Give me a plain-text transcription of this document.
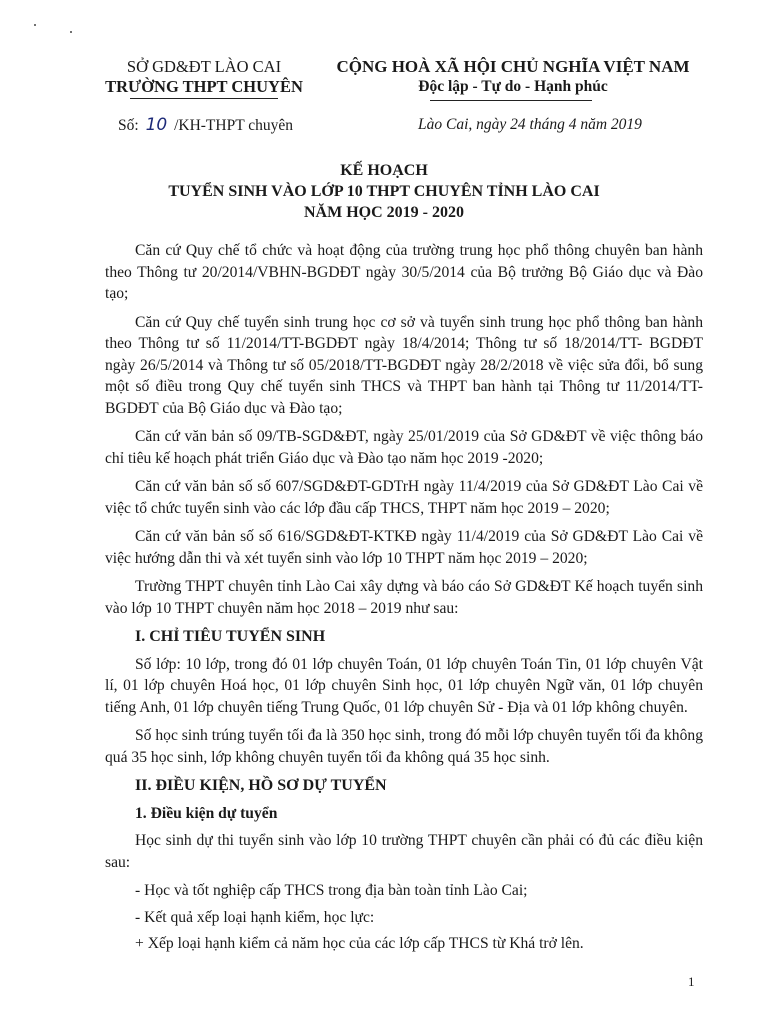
SỞ GD&ĐT LÀO CAI
TRƯỜNG THPT CHUYÊN
CỘNG HOÀ XÃ HỘI CHỦ NGHĨA VIỆT NAM
Độc lập - Tự do - Hạnh phúc
Số: 10 /KH-THPT chuyên	Lào Cai, ngày 24 tháng 4 năm 2019
KẾ HOẠCH
TUYỂN SINH VÀO LỚP 10 THPT CHUYÊN TỈNH LÀO CAI
NĂM HỌC 2019 - 2020

Căn cứ Quy chế tổ chức và hoạt động của trường trung học phổ thông chuyên ban hành theo Thông tư 20/2014/VBHN-BGDĐT ngày 30/5/2014 của Bộ trưởng Bộ Giáo dục và Đào tạo;

Căn cứ Quy chế tuyển sinh trung học cơ sở và tuyển sinh trung học phổ thông ban hành theo Thông tư số 11/2014/TT-BGDĐT ngày 18/4/2014; Thông tư số 18/2014/TT- BGDĐT ngày 26/5/2014 và Thông tư số 05/2018/TT-BGDĐT ngày 28/2/2018 về việc sửa đổi, bổ sung một số điều trong Quy chế tuyển sinh THCS và THPT ban hành tại Thông tư 11/2014/TT-BGDĐT của Bộ Giáo dục và Đào tạo;

Căn cứ văn bản số 09/TB-SGD&ĐT, ngày 25/01/2019 của Sở GD&ĐT về việc thông báo chỉ tiêu kế hoạch phát triển Giáo dục và Đào tạo năm học 2019 -2020;

Căn cứ văn bản số số 607/SGD&ĐT-GDTrH ngày 11/4/2019 của Sở GD&ĐT Lào Cai về việc tổ chức tuyển sinh vào các lớp đầu cấp THCS, THPT năm học 2019 – 2020;

Căn cứ văn bản số số 616/SGD&ĐT-KTKĐ ngày 11/4/2019 của Sở GD&ĐT Lào Cai về việc hướng dẫn thi và xét tuyển sinh vào lớp 10 THPT năm học 2019 – 2020;

Trường THPT chuyên tỉnh Lào Cai xây dựng và báo cáo Sở GD&ĐT Kế hoạch tuyển sinh vào lớp 10 THPT chuyên năm học 2018 – 2019 như sau:

I. CHỈ TIÊU TUYỂN SINH

Số lớp: 10 lớp, trong đó 01 lớp chuyên Toán, 01 lớp chuyên Toán Tin, 01 lớp chuyên Vật lí, 01 lớp chuyên Hoá học, 01 lớp chuyên Sinh học, 01 lớp chuyên Ngữ văn, 01 lớp chuyên tiếng Anh, 01 lớp chuyên tiếng Trung Quốc, 01 lớp chuyên Sử - Địa và 01 lớp không chuyên.

Số học sinh trúng tuyển tối đa là 350 học sinh, trong đó mỗi lớp chuyên tuyển tối đa không quá 35 học sinh, lớp không chuyên tuyển tối đa không quá 35 học sinh.

II. ĐIỀU KIỆN, HỒ SƠ DỰ TUYỂN
1. Điều kiện dự tuyển

Học sinh dự thi tuyển sinh vào lớp 10 trường THPT chuyên cần phải có đủ các điều kiện sau:

- Học và tốt nghiệp cấp THCS trong địa bàn toàn tỉnh Lào Cai;
- Kết quả xếp loại hạnh kiểm, học lực:
+ Xếp loại hạnh kiểm cả năm học của các lớp cấp THCS từ Khá trở lên.
1
